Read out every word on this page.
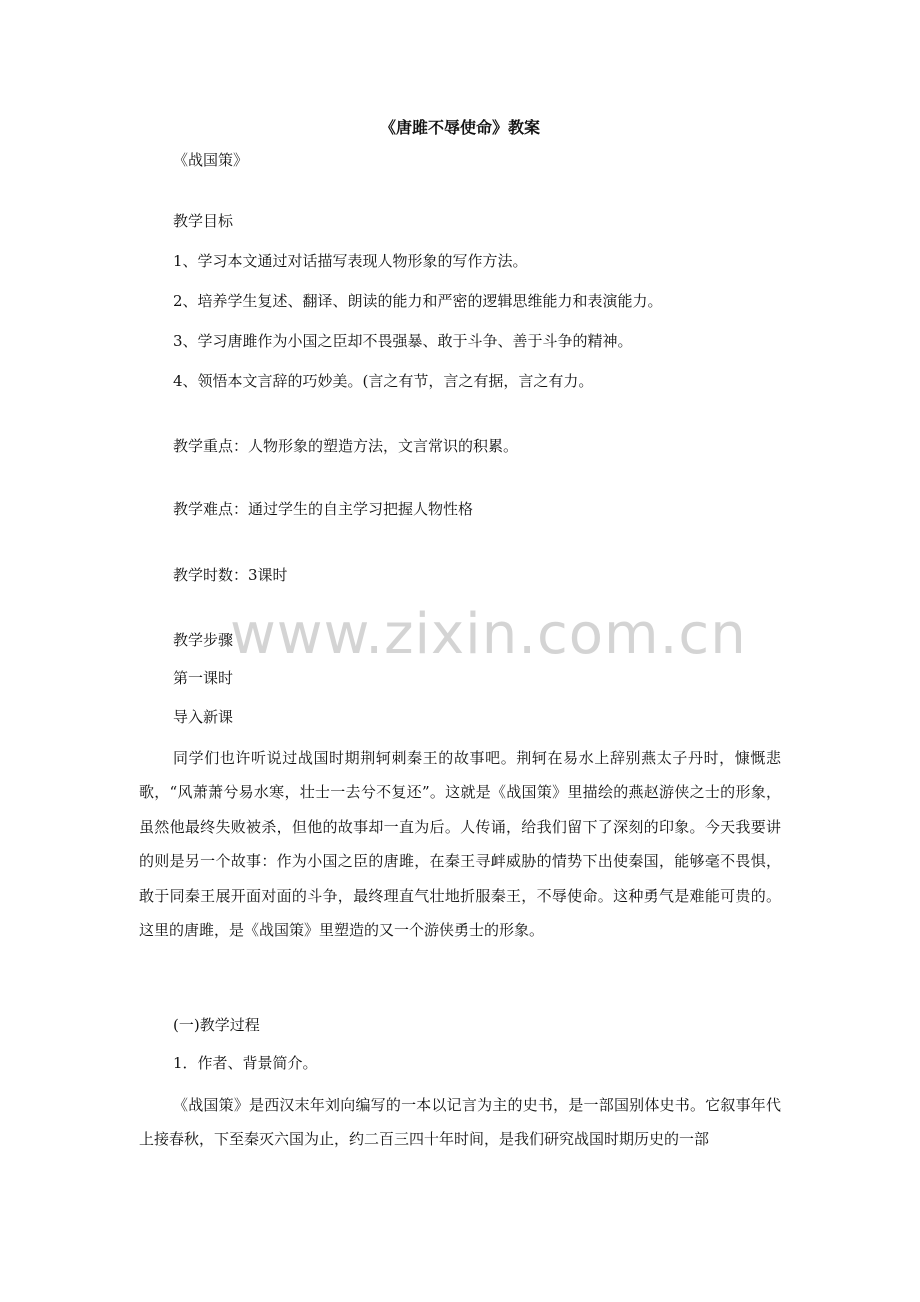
《唐雎不辱使命》教案
《战国策》
教学目标
1、学习本文通过对话描写表现人物形象的写作方法。
2、培养学生复述、翻译、朗读的能力和严密的逻辑思维能力和表演能力。
3、学习唐雎作为小国之臣却不畏强暴、敢于斗争、善于斗争的精神。
4、领悟本文言辞的巧妙美。(言之有节，言之有据，言之有力。
教学重点：人物形象的塑造方法，文言常识的积累。
教学难点：通过学生的自主学习把握人物性格
教学时数：3课时
教学步骤
第一课时
导入新课
同学们也许听说过战国时期荆轲刺秦王的故事吧。荆轲在易水上辞别燕太子丹时，慷慨悲歌，“风萧萧兮易水寒，壮士一去兮不复还”。这就是《战国策》里描绘的燕赵游侠之士的形象，虽然他最终失败被杀，但他的故事却一直为后。人传诵，给我们留下了深刻的印象。今天我要讲的则是另一个故事：作为小国之臣的唐雎，在秦王寻衅威胁的情势下出使秦国，能够毫不畏惧，敢于同秦王展开面对面的斗争，最终理直气壮地折服秦王，不辱使命。这种勇气是难能可贵的。这里的唐雎，是《战国策》里塑造的又一个游侠勇士的形象。
(一)教学过程
1．作者、背景简介。
《战国策》是西汉末年刘向编写的一本以记言为主的史书，是一部国别体史书。它叙事年代上接春秋，下至秦灭六国为止，约二百三四十年时间，是我们研究战国时期历史的一部
www.zixin.com.cn
